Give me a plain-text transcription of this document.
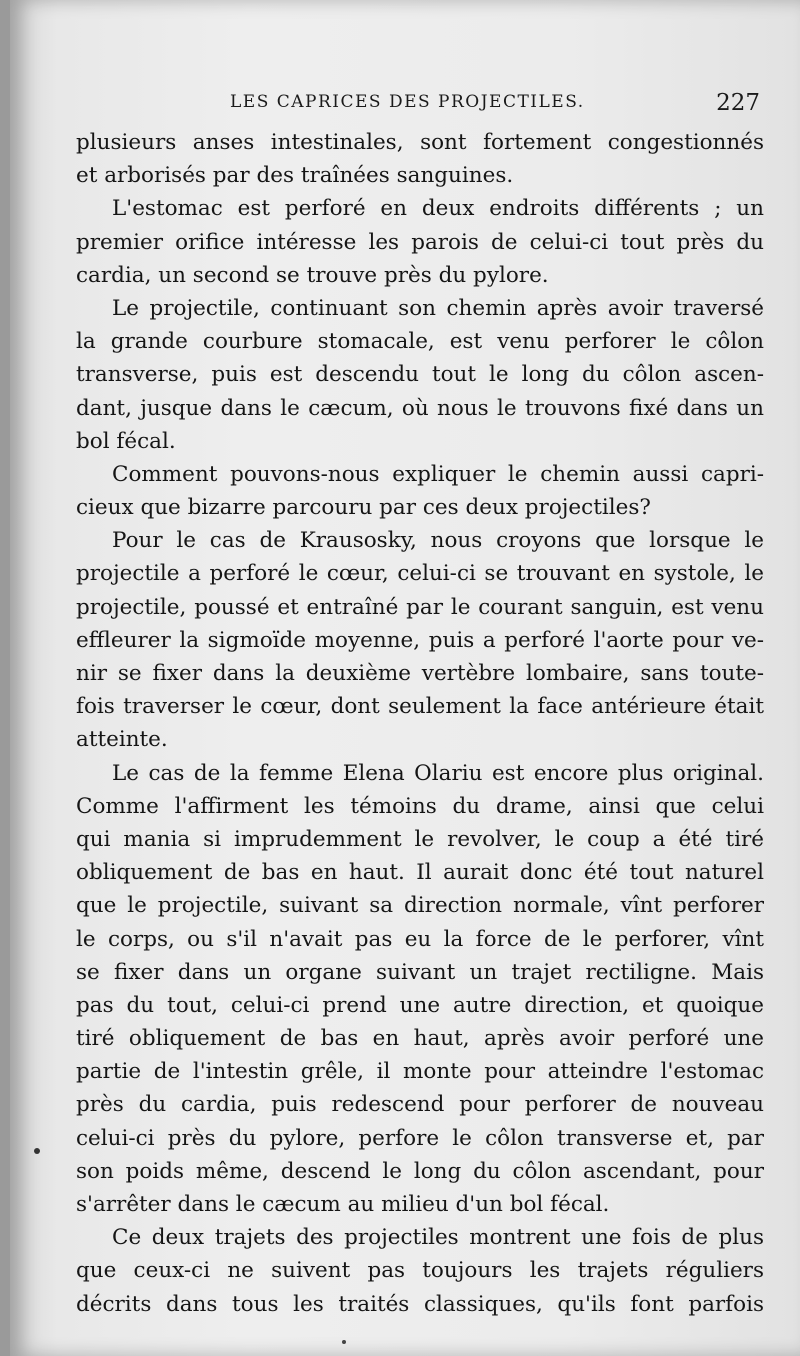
LES CAPRICES DES PROJECTILES.	227
plusieurs anses intestinales, sont fortement congestionnés
et arborisés par des traînées sanguines.
L'estomac est perforé en deux endroits différents ; un
premier orifice intéresse les parois de celui-ci tout près du
cardia, un second se trouve près du pylore.
Le projectile, continuant son chemin après avoir traversé
la grande courbure stomacale, est venu perforer le côlon
transverse, puis est descendu tout le long du côlon ascen-
dant, jusque dans le cæcum, où nous le trouvons fixé dans un
bol fécal.
Comment pouvons-nous expliquer le chemin aussi capri-
cieux que bizarre parcouru par ces deux projectiles?
Pour le cas de Krausosky, nous croyons que lorsque le
projectile a perforé le cœur, celui-ci se trouvant en systole, le
projectile, poussé et entraîné par le courant sanguin, est venu
effleurer la sigmoïde moyenne, puis a perforé l'aorte pour ve-
nir se fixer dans la deuxième vertèbre lombaire, sans toute-
fois traverser le cœur, dont seulement la face antérieure était
atteinte.
Le cas de la femme Elena Olariu est encore plus original.
Comme l'affirment les témoins du drame, ainsi que celui
qui mania si imprudemment le revolver, le coup a été tiré
obliquement de bas en haut. Il aurait donc été tout naturel
que le projectile, suivant sa direction normale, vînt perforer
le corps, ou s'il n'avait pas eu la force de le perforer, vînt
se fixer dans un organe suivant un trajet rectiligne. Mais
pas du tout, celui-ci prend une autre direction, et quoique
tiré obliquement de bas en haut, après avoir perforé une
partie de l'intestin grêle, il monte pour atteindre l'estomac
près du cardia, puis redescend pour perforer de nouveau
celui-ci près du pylore, perfore le côlon transverse et, par
son poids même, descend le long du côlon ascendant, pour
s'arrêter dans le cæcum au milieu d'un bol fécal.
Ce deux trajets des projectiles montrent une fois de plus
que ceux-ci ne suivent pas toujours les trajets réguliers
décrits dans tous les traités classiques, qu'ils font parfois
